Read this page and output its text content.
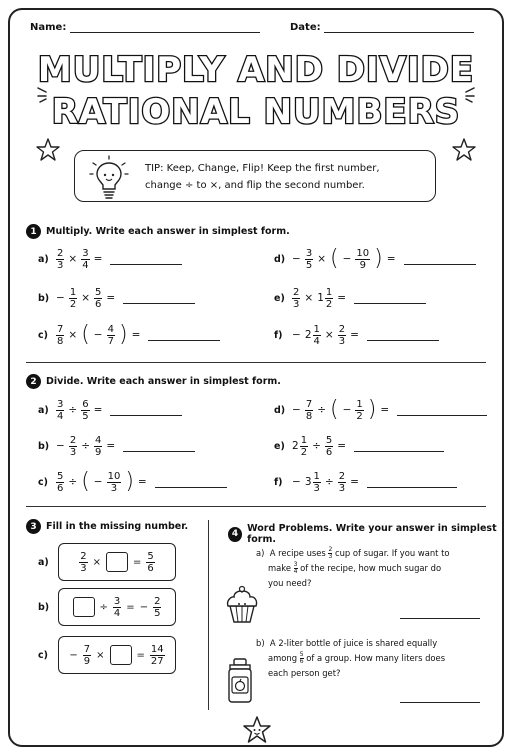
Name:	Date:
MULTIPLY AND DIVIDE
RATIONAL NUMBERS
TIP: Keep, Change, Flip! Keep the first number,
change ÷ to ×, and flip the second number.
1 Multiply. Write each answer in simplest form.
$a) \frac{2}{3} \times \frac{3}{4}$ =	$d) - \frac{3}{5}$ × ( − $\frac{10}{9}$ ) =
$b) - \frac{1}{2} \times \frac{5}{6}$ =	$e) \frac{2}{3} \times 1 \frac{1}{2}$ =
$c) \frac{7}{8}$ × ( − $\frac{4}{7}$ ) =	$f) - 2 \frac{1}{4} \times \frac{2}{3}$ =
2 Divide. Write each answer in simplest form.
$a) \frac{3}{4} \div \frac{6}{5}$ =	$d) - \frac{7}{8}$ ÷ ( − $\frac{1}{2}$ ) =
$b) - \frac{2}{3} \div \frac{4}{9}$ =	e) $2 \frac{1}{2} \div \frac{5}{6}$ =
$c) \frac{5}{6}$ ÷ ( − $\frac{10}{3}$ ) =	$f) - 3 \frac{1}{3} \div \frac{2}{3}$ =
3 Fill in the missing number.
a)	$\frac{2}{3}$ ×	= $\frac{5}{6}$
b)	÷ $\frac{3}{4}$ = − $\frac{2}{5}$
c)	− $\frac{7}{9}$ ×	= $\frac{14}{27}$
4 Word Problems. Write your answer in simplest form.
a) A recipe uses $\frac{2}{3}$ cup of sugar. If you want to
make $\frac{3}{4}$ of the recipe, how much sugar do
you need?
b) A 2-liter bottle of juice is shared equally
among $\frac{5}{6}$ of a group. How many liters does
each person get?
